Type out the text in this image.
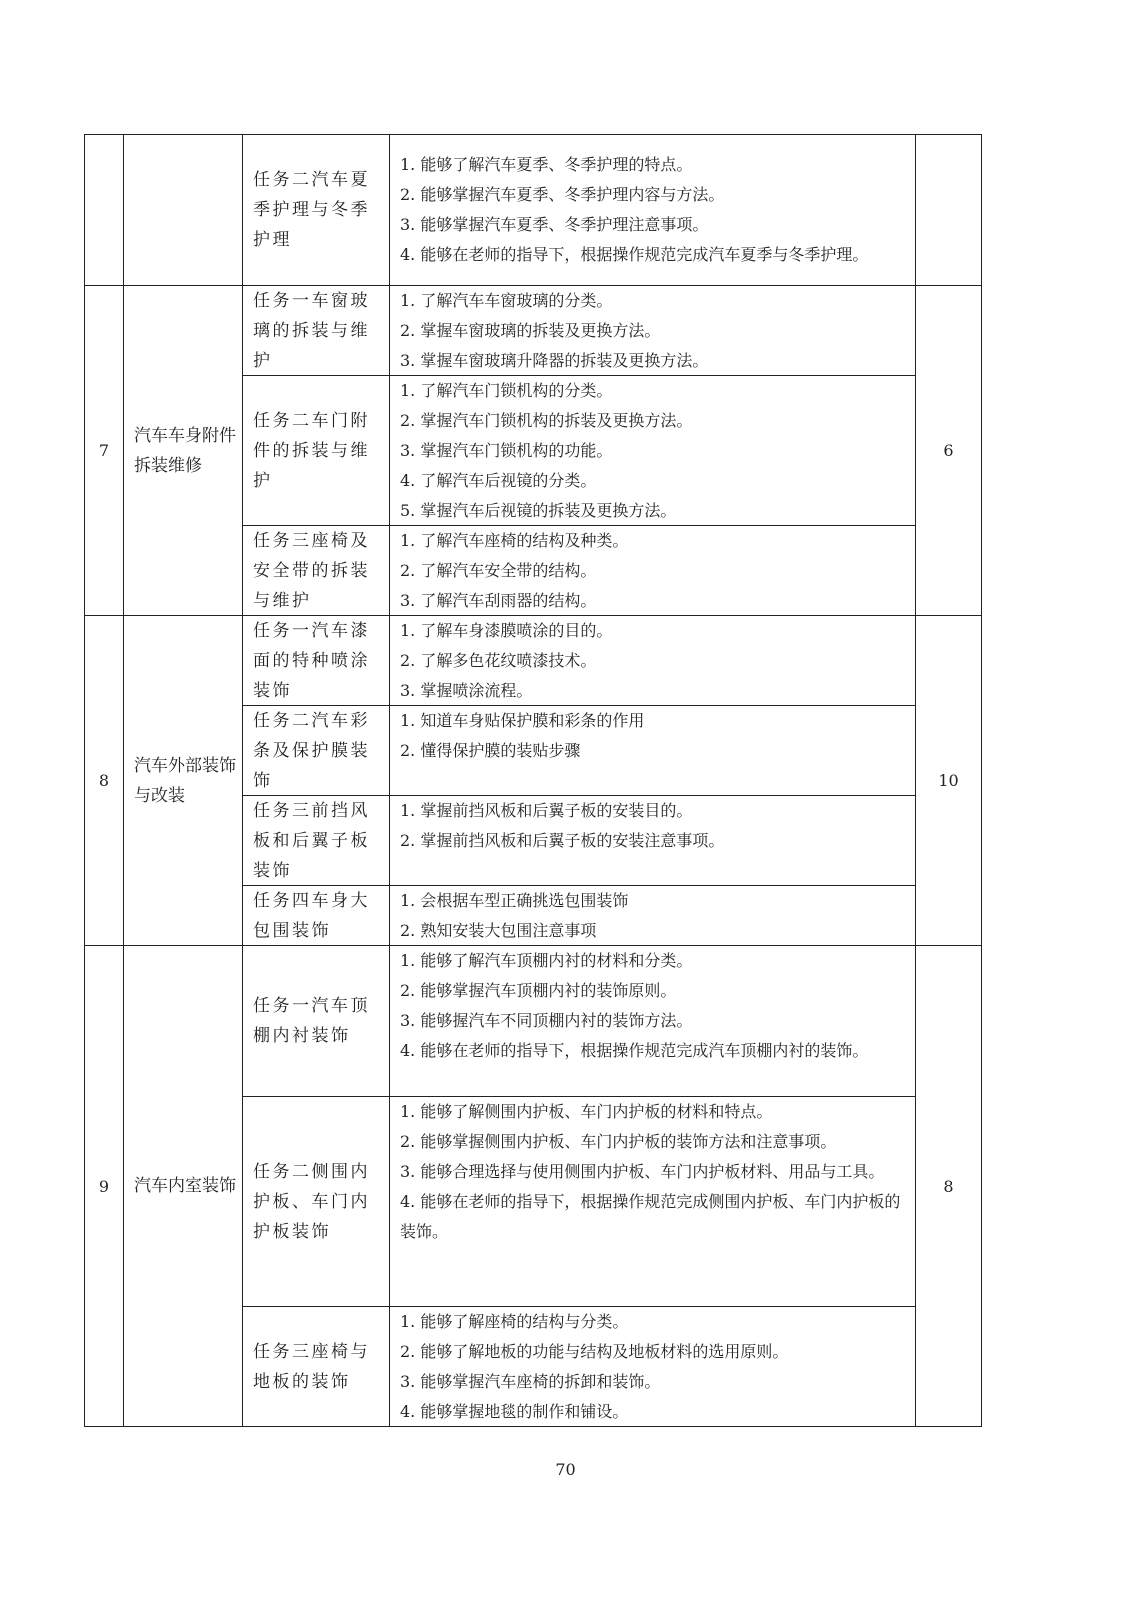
任务二汽车夏季护理与冬季护理
1. 能够了解汽车夏季、冬季护理的特点。
2. 能够掌握汽车夏季、冬季护理内容与方法。
3. 能够掌握汽车夏季、冬季护理注意事项。
4. 能够在老师的指导下，根据操作规范完成汽车夏季与冬季护理。
7
汽车车身附件拆装维修
任务一车窗玻璃的拆装与维护
1. 了解汽车车窗玻璃的分类。
2. 掌握车窗玻璃的拆装及更换方法。
3. 掌握车窗玻璃升降器的拆装及更换方法。
任务二车门附件的拆装与维护
1. 了解汽车门锁机构的分类。
2. 掌握汽车门锁机构的拆装及更换方法。
3. 掌握汽车门锁机构的功能。
4. 了解汽车后视镜的分类。
5. 掌握汽车后视镜的拆装及更换方法。
任务三座椅及安全带的拆装与维护
1. 了解汽车座椅的结构及种类。
2. 了解汽车安全带的结构。
3. 了解汽车刮雨器的结构。
6
8
汽车外部装饰与改装
任务一汽车漆面的特种喷涂装饰
1. 了解车身漆膜喷涂的目的。
2. 了解多色花纹喷漆技术。
3. 掌握喷涂流程。
任务二汽车彩条及保护膜装饰
1. 知道车身贴保护膜和彩条的作用
2. 懂得保护膜的装贴步骤
任务三前挡风板和后翼子板装饰
1. 掌握前挡风板和后翼子板的安装目的。
2. 掌握前挡风板和后翼子板的安装注意事项。
任务四车身大包围装饰
1. 会根据车型正确挑选包围装饰
2. 熟知安装大包围注意事项
10
9 汽车内室装饰
任务一汽车顶棚内衬装饰
1. 能够了解汽车顶棚内衬的材料和分类。
2. 能够掌握汽车顶棚内衬的装饰原则。
3. 能够握汽车不同顶棚内衬的装饰方法。
4. 能够在老师的指导下，根据操作规范完成汽车顶棚内衬的装饰。
任务二侧围内护板、车门内护板装饰
1. 能够了解侧围内护板、车门内护板的材料和特点。
2. 能够掌握侧围内护板、车门内护板的装饰方法和注意事项。
3. 能够合理选择与使用侧围内护板、车门内护板材料、用品与工具。
4. 能够在老师的指导下，根据操作规范完成侧围内护板、车门内护板的装饰。
任务三座椅与地板的装饰
1. 能够了解座椅的结构与分类。
2. 能够了解地板的功能与结构及地板材料的选用原则。
3. 能够掌握汽车座椅的拆卸和装饰。
4. 能够掌握地毯的制作和铺设。
8
70
